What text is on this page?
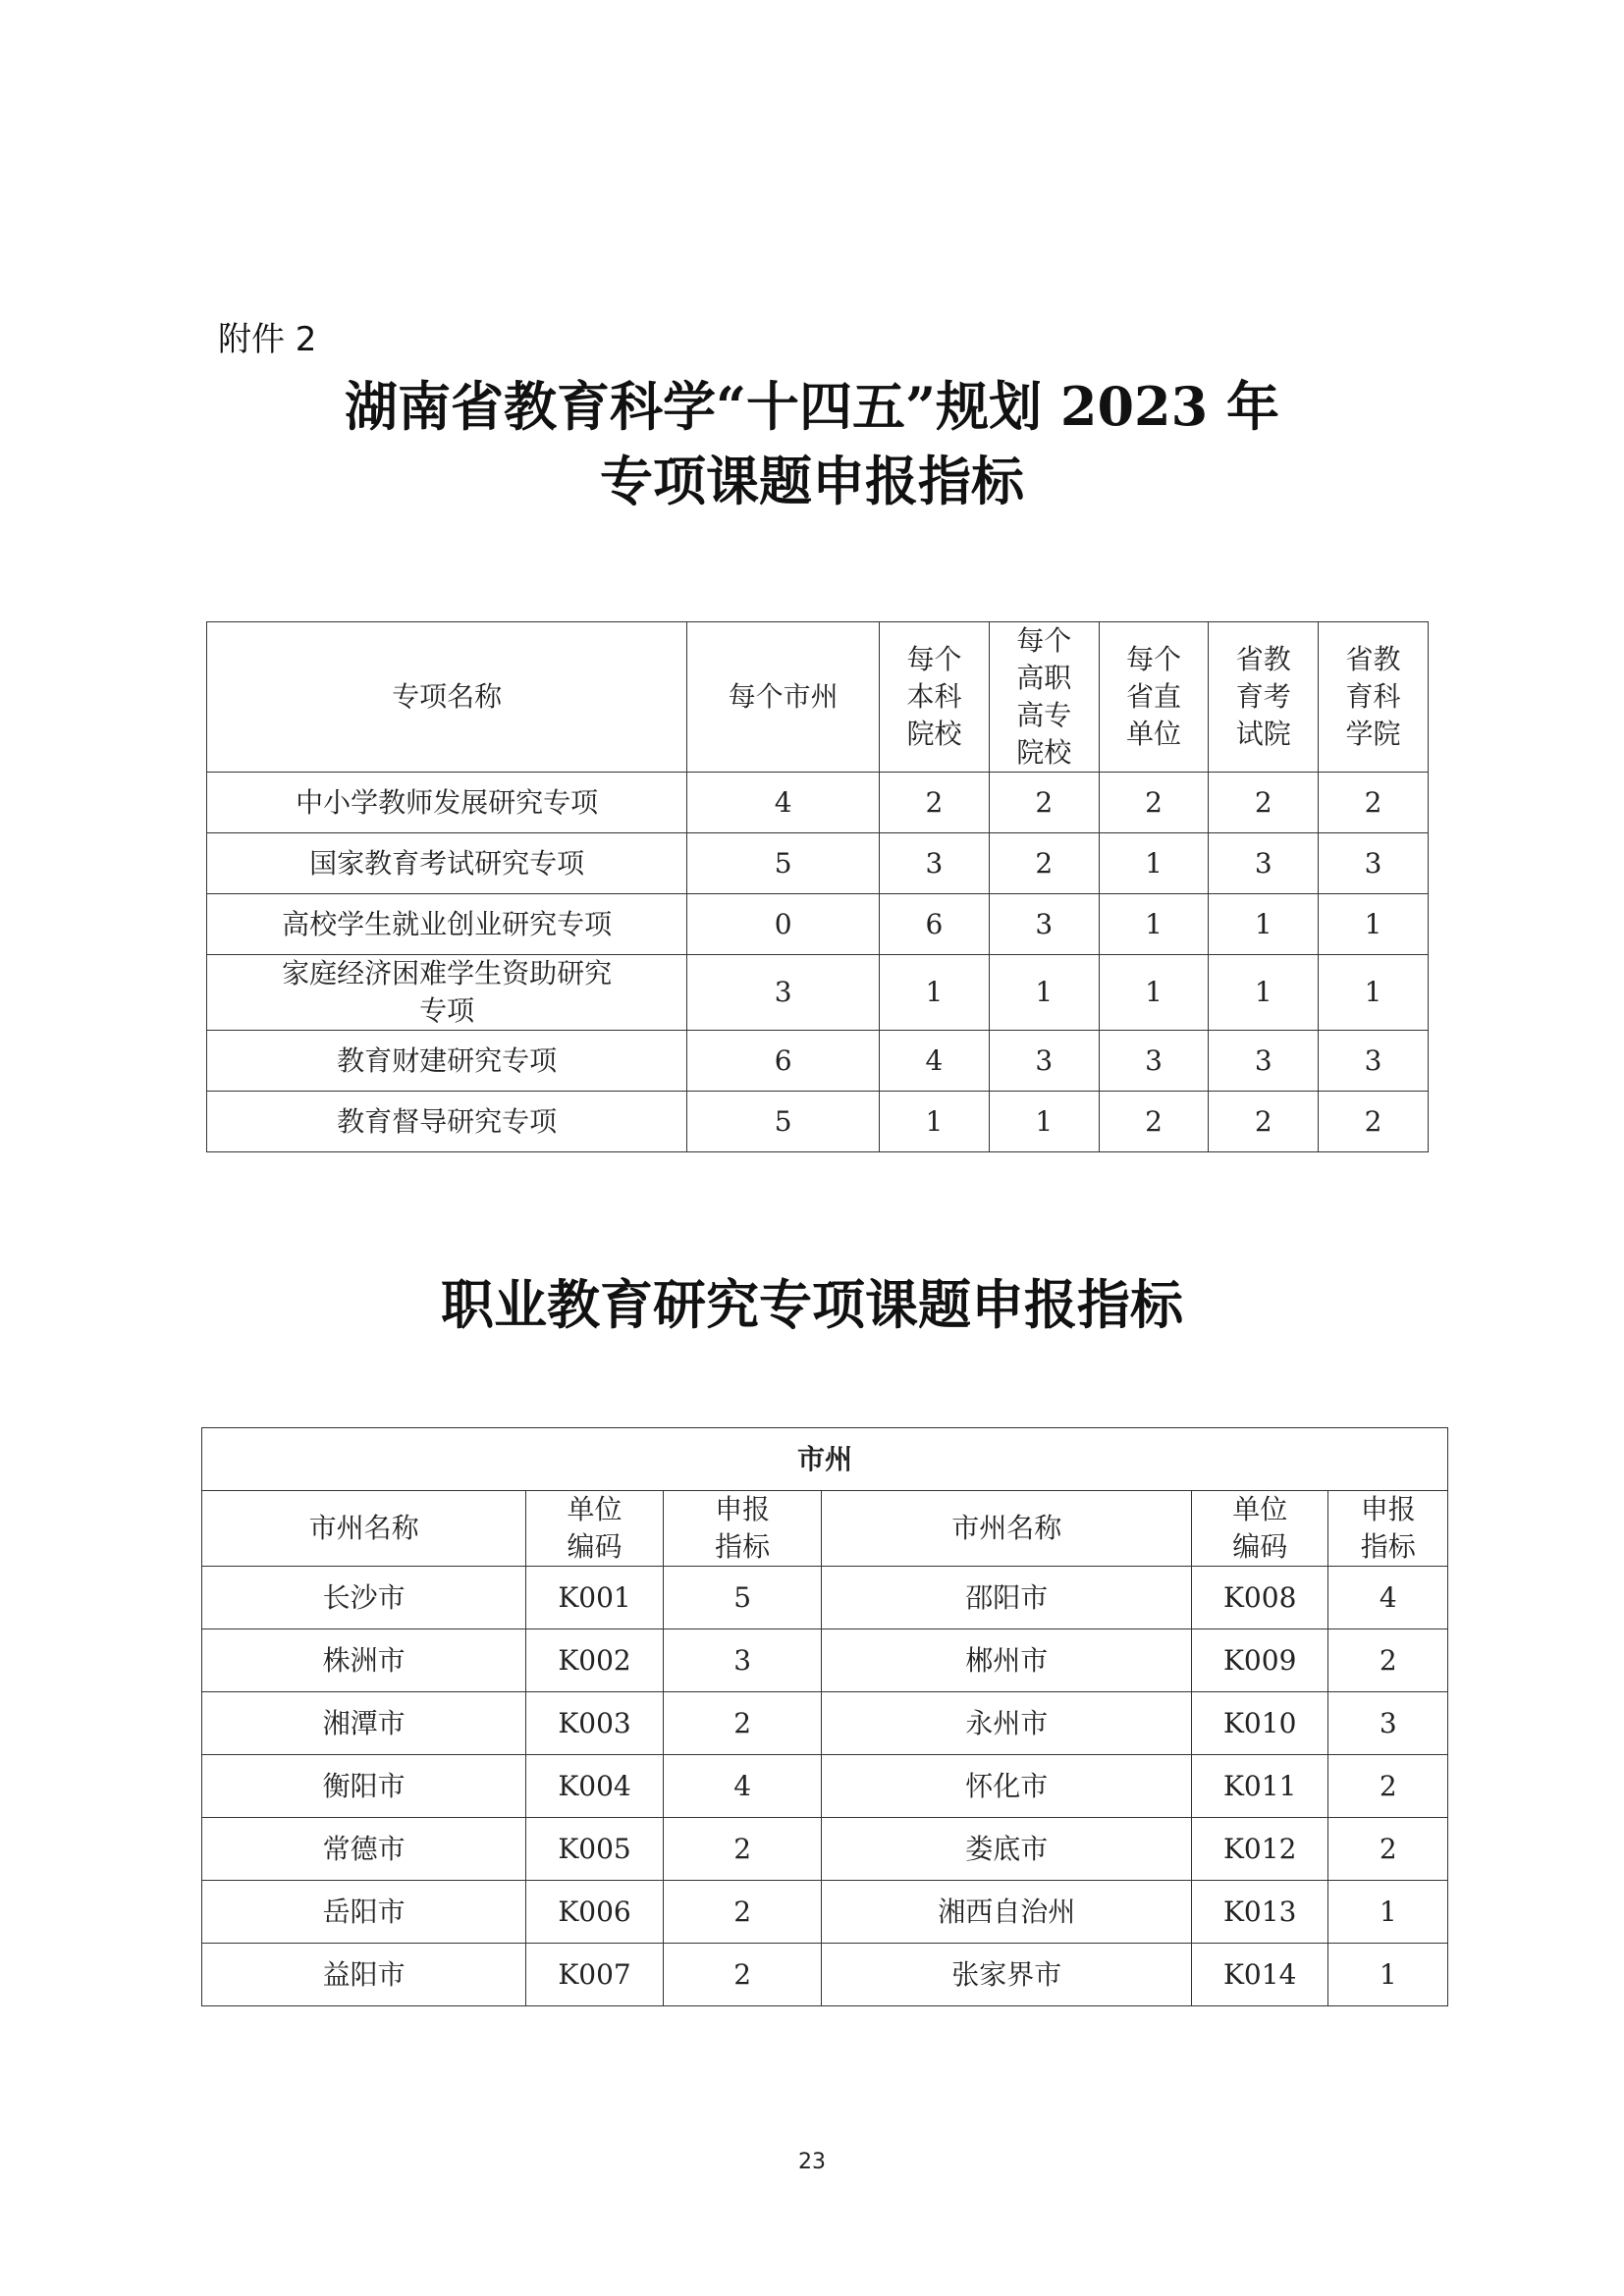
附件 2
湖南省教育科学“十四五”规划 2023 年
专项课题申报指标
专项名称	每个市州	每个本科院校	每个高职高专院校	每个省直单位	省教育考试院	省教育科学院

中小学教师发展研究专项	4	2	2	2	2	2
国家教育考试研究专项	5	3	2	1	3	3
高校学生就业创业研究专项	0	6	3	1	1	1

家庭经济困难学生资助研究专项	3	1	1	1	1	1
教育财建研究专项	6	4	3	3	3	3
教育督导研究专项	5	1	1	2	2	2
职业教育研究专项课题申报指标
市州					
市州名称	单位编码	申报指标	市州名称	单位编码	申报指标

长沙市	K001	5	邵阳市	K008	4
株洲市	K002	3	郴州市	K009	2
湘潭市	K003	2	永州市	K010	3
衡阳市	K004	4	怀化市	K011	2
常德市	K005	2	娄底市	K012	2
岳阳市	K006	2	湘西自治州	K013	1
益阳市	K007	2	张家界市	K014	1
23
